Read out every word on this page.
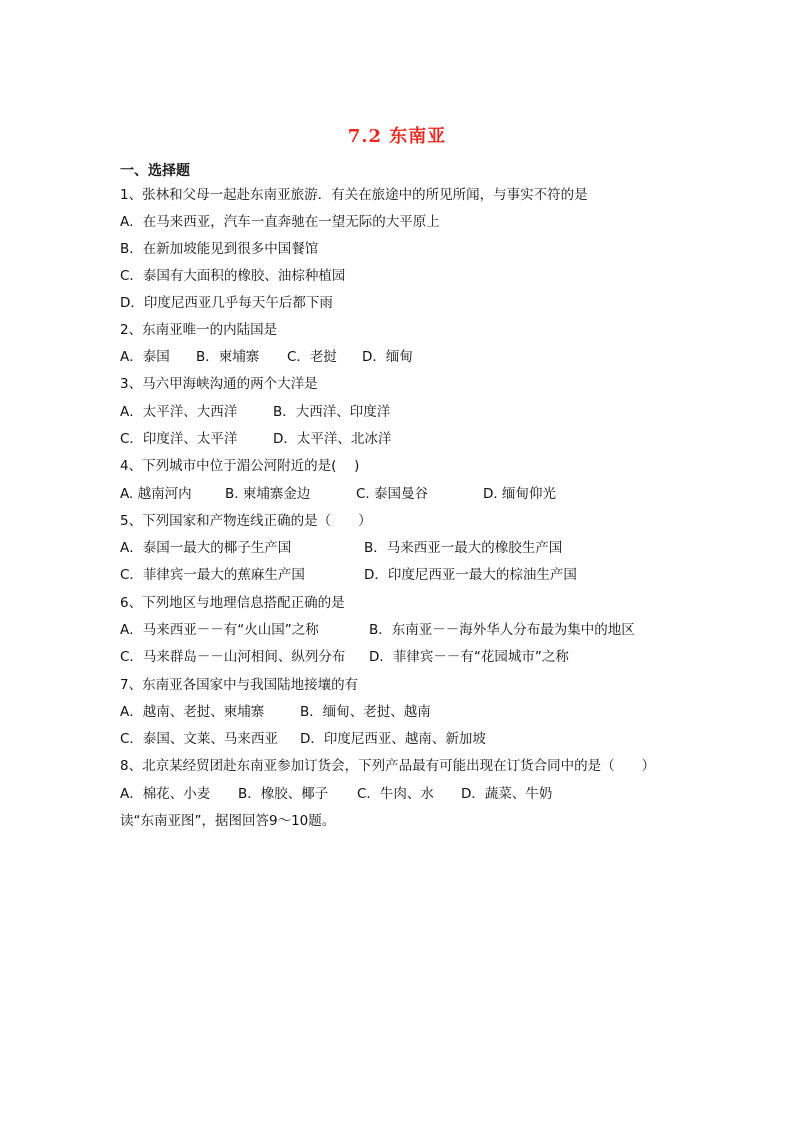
7.2 东南亚
一、选择题
1、张林和父母一起赴东南亚旅游．有关在旅途中的所见所闻，与事实不符的是
A．在马来西亚，汽车一直奔驰在一望无际的大平原上
B．在新加坡能见到很多中国餐馆
C．泰国有大面积的橡胶、油棕种植园
D．印度尼西亚几乎每天午后都下雨
2、东南亚唯一的内陆国是
A．泰国 B．柬埔寨 C．老挝 D．缅甸
3、马六甲海峡沟通的两个大洋是
A．太平洋、大西洋	B．大西洋、印度洋
C．印度洋、太平洋	D．太平洋、北冰洋
4、下列城市中位于湄公河附近的是(　 )
A. 越南河内 B. 柬埔寨金边	C. 泰国曼谷	D. 缅甸仰光
5、下列国家和产物连线正确的是（　　）
A．泰国一最大的椰子生产国	B．马来西亚一最大的橡胶生产国
C．菲律宾一最大的蕉麻生产国	D．印度尼西亚一最大的棕油生产国
6、下列地区与地理信息搭配正确的是
A．马来西亚－－有“火山国”之称	B．东南亚－－海外华人分布最为集中的地区
C．马来群岛－－山河相间、纵列分布 D．菲律宾－－有“花园城市”之称
7、东南亚各国家中与我国陆地接壤的有
A．越南、老挝、柬埔寨	B．缅甸、老挝、越南
C．泰国、文莱、马来西亚 D．印度尼西亚、越南、新加坡
8、北京某经贸团赴东南亚参加订货会，下列产品最有可能出现在订货合同中的是（　　）
A．棉花、小麦 B．橡胶、椰子 C．牛肉、水 D．蔬菜、牛奶
读“东南亚图”，据图回答9～10题。
